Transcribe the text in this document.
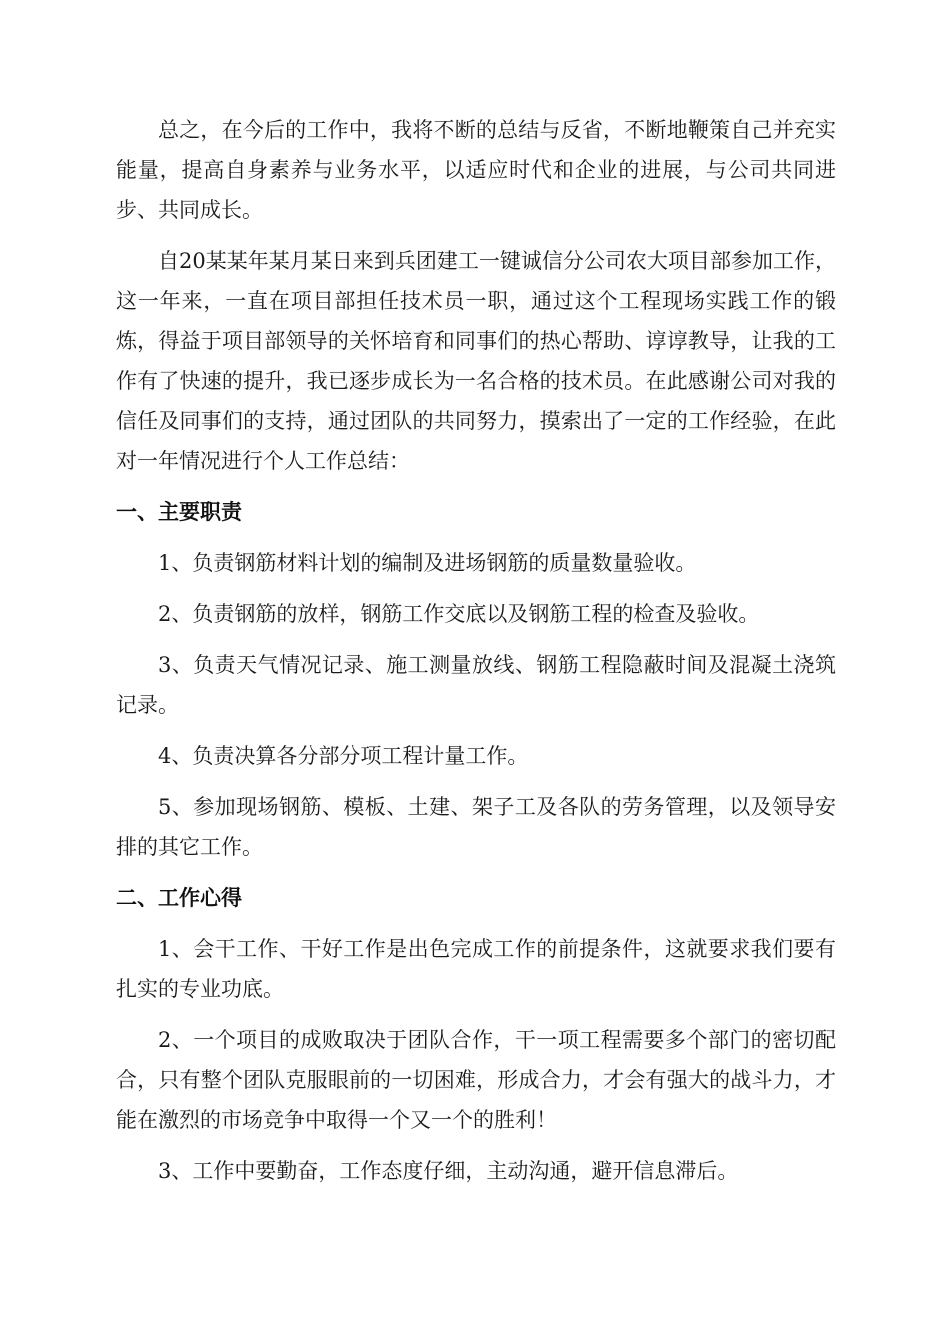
总之，在今后的工作中，我将不断的总结与反省，不断地鞭策自己并充实能量，提高自身素养与业务水平，以适应时代和企业的进展，与公司共同进步、共同成长。

自20某某年某月某日来到兵团建工一键诚信分公司农大项目部参加工作，这一年来，一直在项目部担任技术员一职，通过这个工程现场实践工作的锻炼，得益于项目部领导的关怀培育和同事们的热心帮助、谆谆教导，让我的工作有了快速的提升，我已逐步成长为一名合格的技术员。在此感谢公司对我的信任及同事们的支持，通过团队的共同努力，摸索出了一定的工作经验，在此对一年情况进行个人工作总结：

一、主要职责

1、负责钢筋材料计划的编制及进场钢筋的质量数量验收。

2、负责钢筋的放样，钢筋工作交底以及钢筋工程的检查及验收。

3、负责天气情况记录、施工测量放线、钢筋工程隐蔽时间及混凝土浇筑记录。

4、负责决算各分部分项工程计量工作。

5、参加现场钢筋、模板、土建、架子工及各队的劳务管理，以及领导安排的其它工作。

二、工作心得

1、会干工作、干好工作是出色完成工作的前提条件，这就要求我们要有扎实的专业功底。

2、一个项目的成败取决于团队合作，干一项工程需要多个部门的密切配合，只有整个团队克服眼前的一切困难，形成合力，才会有强大的战斗力，才能在激烈的市场竞争中取得一个又一个的胜利！

3、工作中要勤奋，工作态度仔细，主动沟通，避开信息滞后。
